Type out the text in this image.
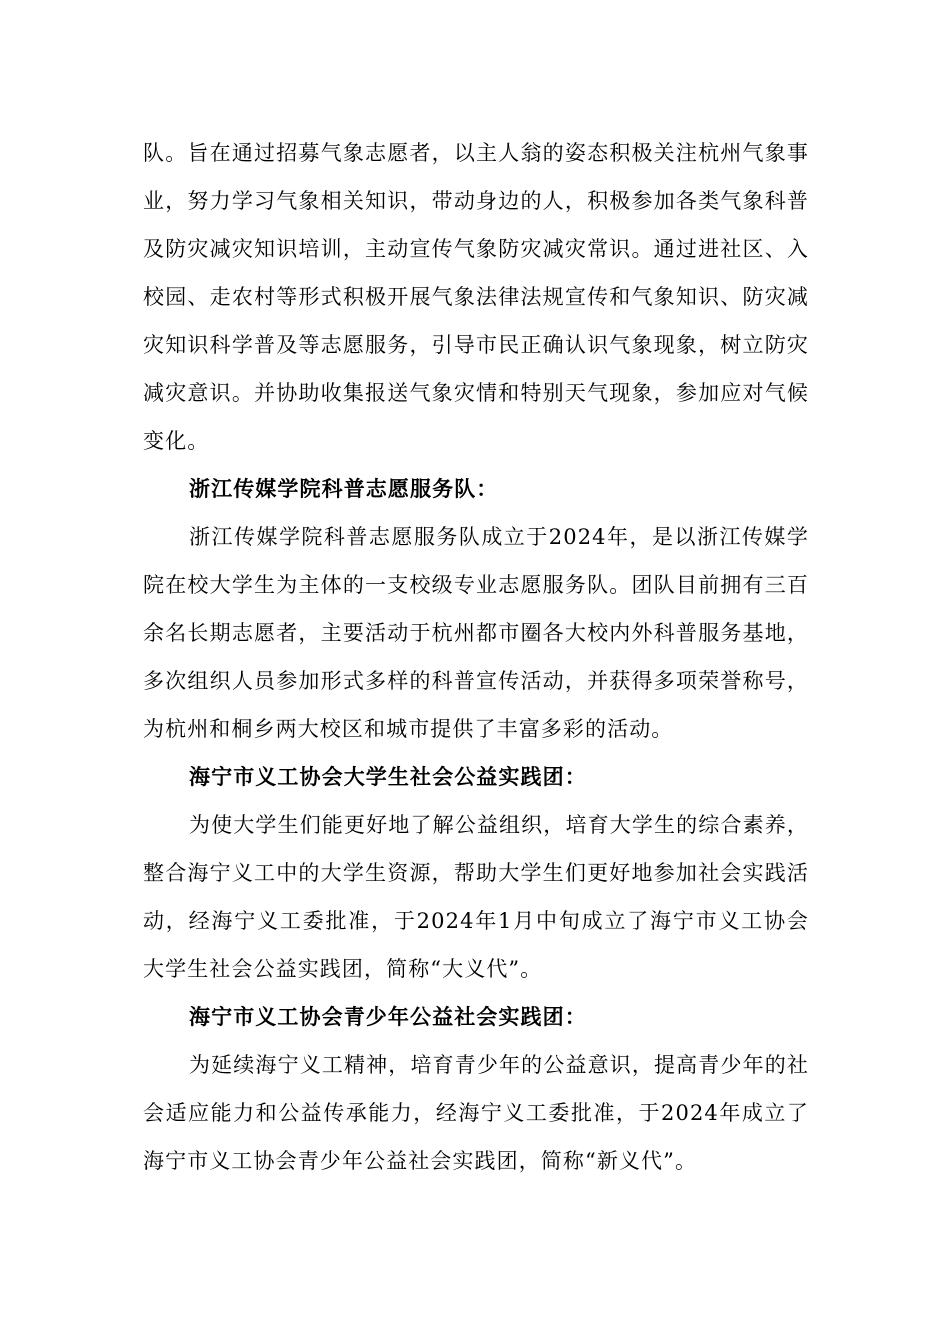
队。旨在通过招募气象志愿者，以主人翁的姿态积极关注杭州气象事业，努力学习气象相关知识，带动身边的人，积极参加各类气象科普及防灾减灾知识培训，主动宣传气象防灾减灾常识。通过进社区、入校园、走农村等形式积极开展气象法律法规宣传和气象知识、防灾减灾知识科学普及等志愿服务，引导市民正确认识气象现象，树立防灾减灾意识。并协助收集报送气象灾情和特别天气现象，参加应对气候变化。

浙江传媒学院科普志愿服务队：

浙江传媒学院科普志愿服务队成立于2024年，是以浙江传媒学院在校大学生为主体的一支校级专业志愿服务队。团队目前拥有三百余名长期志愿者，主要活动于杭州都市圈各大校内外科普服务基地，多次组织人员参加形式多样的科普宣传活动，并获得多项荣誉称号，为杭州和桐乡两大校区和城市提供了丰富多彩的活动。

海宁市义工协会大学生社会公益实践团：

为使大学生们能更好地了解公益组织，培育大学生的综合素养，整合海宁义工中的大学生资源，帮助大学生们更好地参加社会实践活动，经海宁义工委批准，于2024年1月中旬成立了海宁市义工协会大学生社会公益实践团，简称“大义代”。

海宁市义工协会青少年公益社会实践团：

为延续海宁义工精神，培育青少年的公益意识，提高青少年的社会适应能力和公益传承能力，经海宁义工委批准，于2024年成立了海宁市义工协会青少年公益社会实践团，简称“新义代”。
